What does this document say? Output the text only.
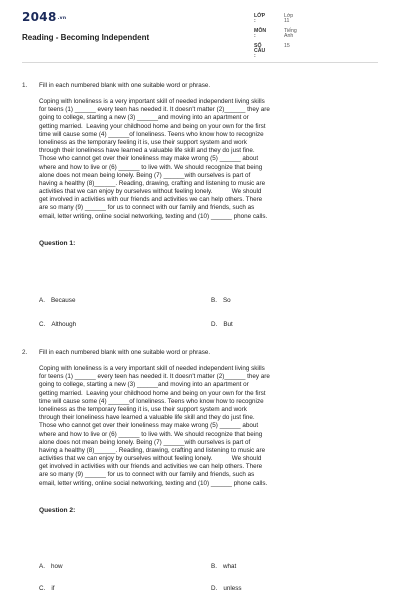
$2048^{.vn}$
Reading - Becoming Independent
LỚP :
Lớp 11
MÔN :
Tiếng Anh
SỐ CÂU :
15
1. Fill in each numbered blank with one suitable word or phrase.
Coping with loneliness is a very important skill of needed independent living skills
for teens (1) ______ every teen has needed it. It doesn't matter (2)______ they are
going to college, starting a new (3) ______and moving into an apartment or
getting married.  Leaving your childhood home and being on your own for the first
time will cause some (4) ______of loneliness. Teens who know how to recognize
loneliness as the temporary feeling it is, use their support system and work
through their loneliness have learned a valuable life skill and they do just fine.
Those who cannot get over their loneliness may make wrong (5) ______ about
where and how to live or (6) ______ to live with. We should recognize that being
alone does not mean being lonely. Being (7) ______with ourselves is part of
having a healthy (8)______. Reading, drawing, crafting and listening to music are
activities that we can enjoy by ourselves without feeling lonely.           We should
get involved in activities with our friends and activities we can help others. There
are so many (9) ______ for us to connect with our family and friends, such as
email, letter writing, online social networking, texting and (10) ______ phone calls.
Question 1:
A. Because	B. So
C. Although	D. But
2. Fill in each numbered blank with one suitable word or phrase.
Coping with loneliness is a very important skill of needed independent living skills
for teens (1) ______ every teen has needed it. It doesn't matter (2)______ they are
going to college, starting a new (3) ______and moving into an apartment or
getting married.  Leaving your childhood home and being on your own for the first
time will cause some (4) ______of loneliness. Teens who know how to recognize
loneliness as the temporary feeling it is, use their support system and work
through their loneliness have learned a valuable life skill and they do just fine.
Those who cannot get over their loneliness may make wrong (5) ______ about
where and how to live or (6) ______ to live with. We should recognize that being
alone does not mean being lonely. Being (7) ______with ourselves is part of
having a healthy (8)______. Reading, drawing, crafting and listening to music are
activities that we can enjoy by ourselves without feeling lonely.           We should
get involved in activities with our friends and activities we can help others. There
are so many (9) ______ for us to connect with our family and friends, such as
email, letter writing, online social networking, texting and (10) ______ phone calls.
Question 2:
A. how	B. what
C. if	D. unless
